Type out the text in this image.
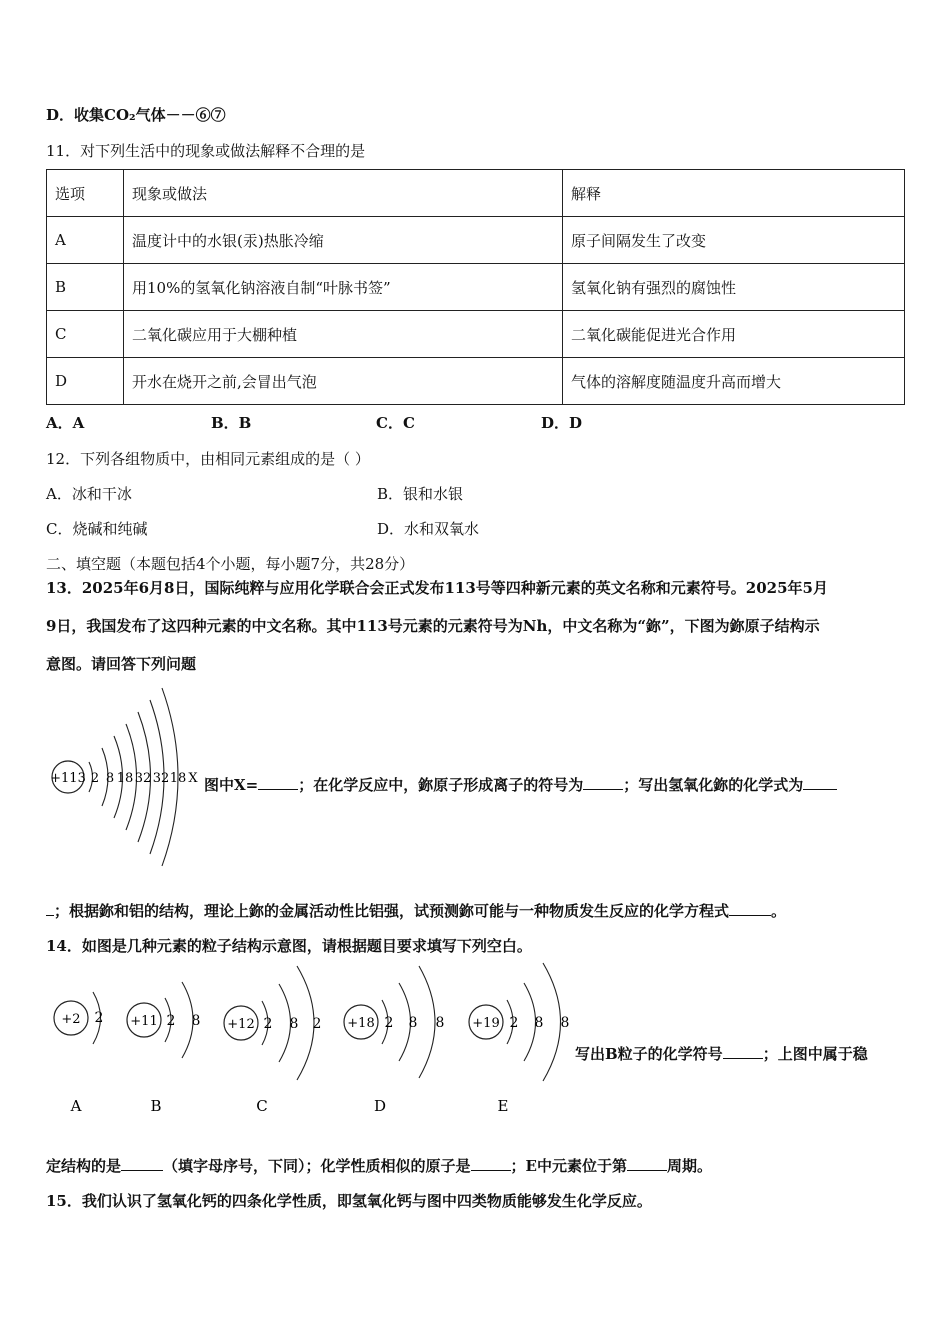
D．收集CO₂气体－－⑥⑦
11．对下列生活中的现象或做法解释不合理的是
选项	现象或做法	解释
A	温度计中的水银(汞)热胀冷缩	原子间隔发生了改变
B	用10%的氢氧化钠溶液自制“叶脉书签”	氢氧化钠有强烈的腐蚀性
C	二氧化碳应用于大棚种植	二氧化碳能促进光合作用
D	开水在烧开之前,会冒出气泡	气体的溶解度随温度升高而增大
A．A	B．B	C．C	D．D
12．下列各组物质中，由相同元素组成的是（ ）
A．冰和干冰	B．银和水银
C．烧碱和纯碱	D．水和双氧水
二、填空题（本题包括4个小题，每小题7分，共28分）
13．2025年6月8日，国际纯粹与应用化学联合会正式发布113号等四种新元素的英文名称和元素符号。2025年5月
9日，我国发布了这四种元素的中文名称。其中113号元素的元素符号为Nh，中文名称为“鉨”，下图为鉨原子结构示
意图。请回答下列问题
+113 2 8 18 32 32 18 X 图中X=	；在化学反应中，鉨原子形成离子的符号为	；写出氢氧化鉨的化学式为
；根据鉨和铝的结构，理论上鉨的金属活动性比铝强，试预测鉨可能与一种物质发生反应的化学方程式	。
14．如图是几种元素的粒子结构示意图，请根据题目要求填写下列空白。
+2 2
A
+11 2 8
B
+12 2 8 2
C
+18 2 8 8
D
+19 2 8 8
E
写出B粒子的化学符号	；上图中属于稳
定结构的是	（填字母序号，下同）；化学性质相似的原子是	；E中元素位于第	周期。
15．我们认识了氢氧化钙的四条化学性质，即氢氧化钙与图中四类物质能够发生化学反应。
